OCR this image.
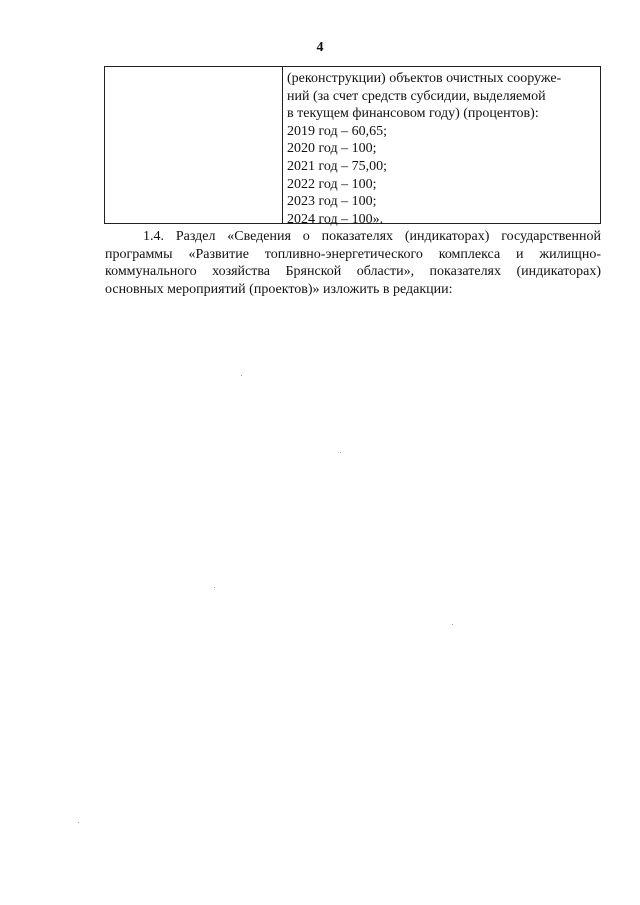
4
(реконструкции) объектов очистных сооруже-
ний (за счет средств субсидии, выделяемой
в текущем финансовом году) (процентов):
2019 год – 60,65;
2020 год – 100;
2021 год – 75,00;
2022 год – 100;
2023 год – 100;
2024 год – 100».
1.4. Раздел «Сведения о показателях (индикаторах) государственной
программы «Развитие топливно-энергетического комплекса и жилищно-
коммунального хозяйства Брянской области», показателях (индикаторах)
основных мероприятий (проектов)» изложить в редакции:
